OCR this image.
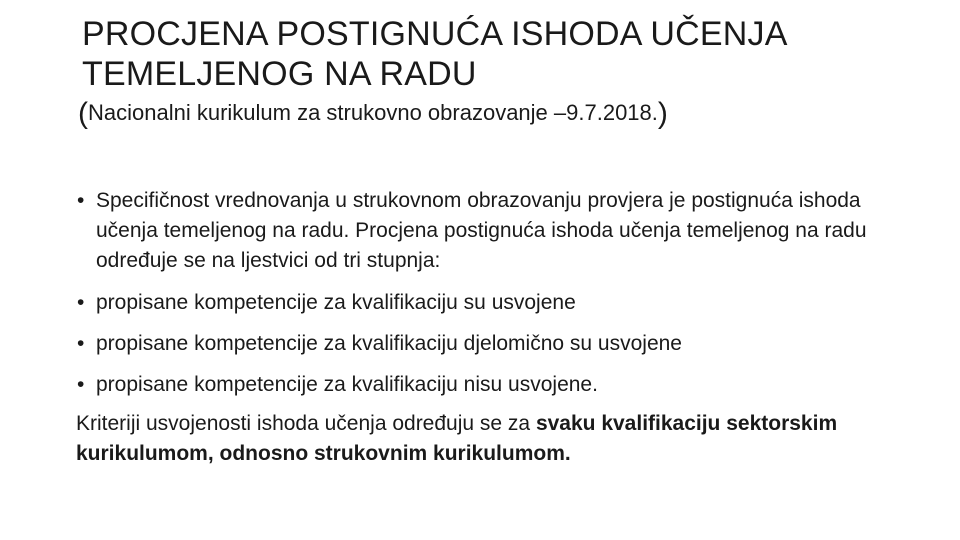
PROCJENA POSTIGNUĆA ISHODA UČENJA
TEMELJENOG NA RADU
(Nacionalni kurikulum za strukovno obrazovanje –9.7.2018.)

• Specifičnost vrednovanja u strukovnom obrazovanju provjera je postignuća ishoda učenja temeljenog na radu. Procjena postignuća ishoda učenja temeljenog na radu određuje se na ljestvici od tri stupnja:

• propisane kompetencije za kvalifikaciju su usvojene

• propisane kompetencije za kvalifikaciju djelomično su usvojene

• propisane kompetencije za kvalifikaciju nisu usvojene.

Kriteriji usvojenosti ishoda učenja određuju se za svaku kvalifikaciju sektorskim kurikulumom, odnosno strukovnim kurikulumom.
